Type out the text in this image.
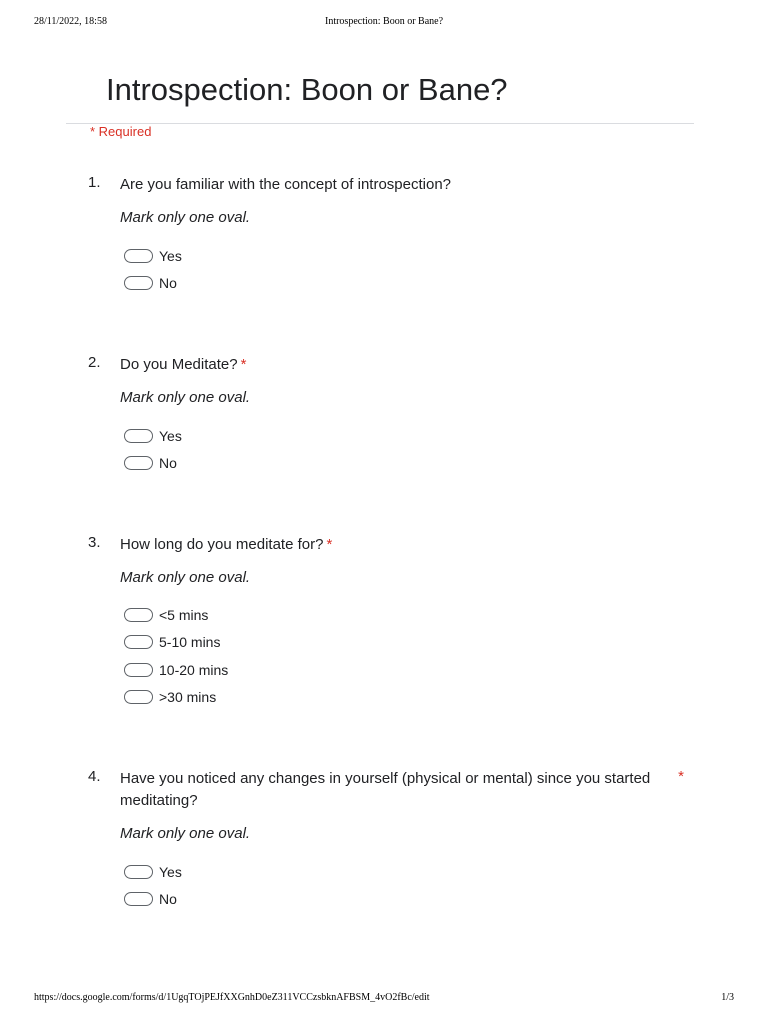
28/11/2022, 18:58	Introspection: Boon or Bane?
Introspection: Boon or Bane?
* Required
1. Are you familiar with the concept of introspection?
Mark only one oval.
Yes
No
2. Do you Meditate? *
Mark only one oval.
Yes
No
3. How long do you meditate for? *
Mark only one oval.
<5 mins
5-10 mins
10-20 mins
>30 mins
4. Have you noticed any changes in yourself (physical or mental) since you started meditating?
*
Mark only one oval.
Yes
No
https://docs.google.com/forms/d/1UgqTOjPEJfXXGnhD0eZ311VCCzsbknAFBSM_4vO2fBc/edit	1/3
